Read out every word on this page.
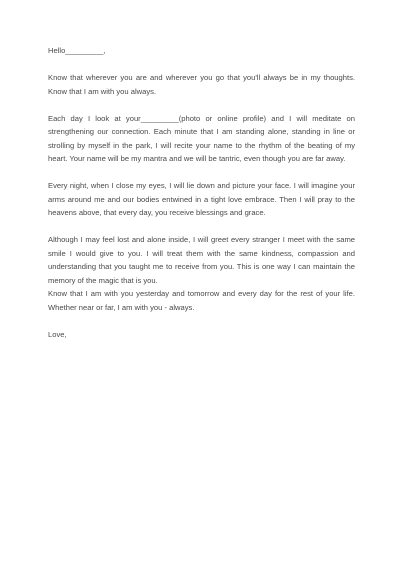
Hello_________,

Know that wherever you are and wherever you go that you'll always be in my thoughts. Know that I am with you always.

Each day I look at your_________(photo or online profile) and I will meditate on strengthening our connection. Each minute that I am standing alone, standing in line or strolling by myself in the park, I will recite your name to the rhythm of the beating of my heart. Your name will be my mantra and we will be tantric, even though you are far away.

Every night, when I close my eyes, I will lie down and picture your face. I will imagine your arms around me and our bodies entwined in a tight love embrace. Then I will pray to the heavens above, that every day, you receive blessings and grace.

Although I may feel lost and alone inside, I will greet every stranger I meet with the same smile I would give to you. I will treat them with the same kindness, compassion and understanding that you taught me to receive from you. This is one way I can maintain the memory of the magic that is you.

Know that I am with you yesterday and tomorrow and every day for the rest of your life. Whether near or far, I am with you - always.

Love,
